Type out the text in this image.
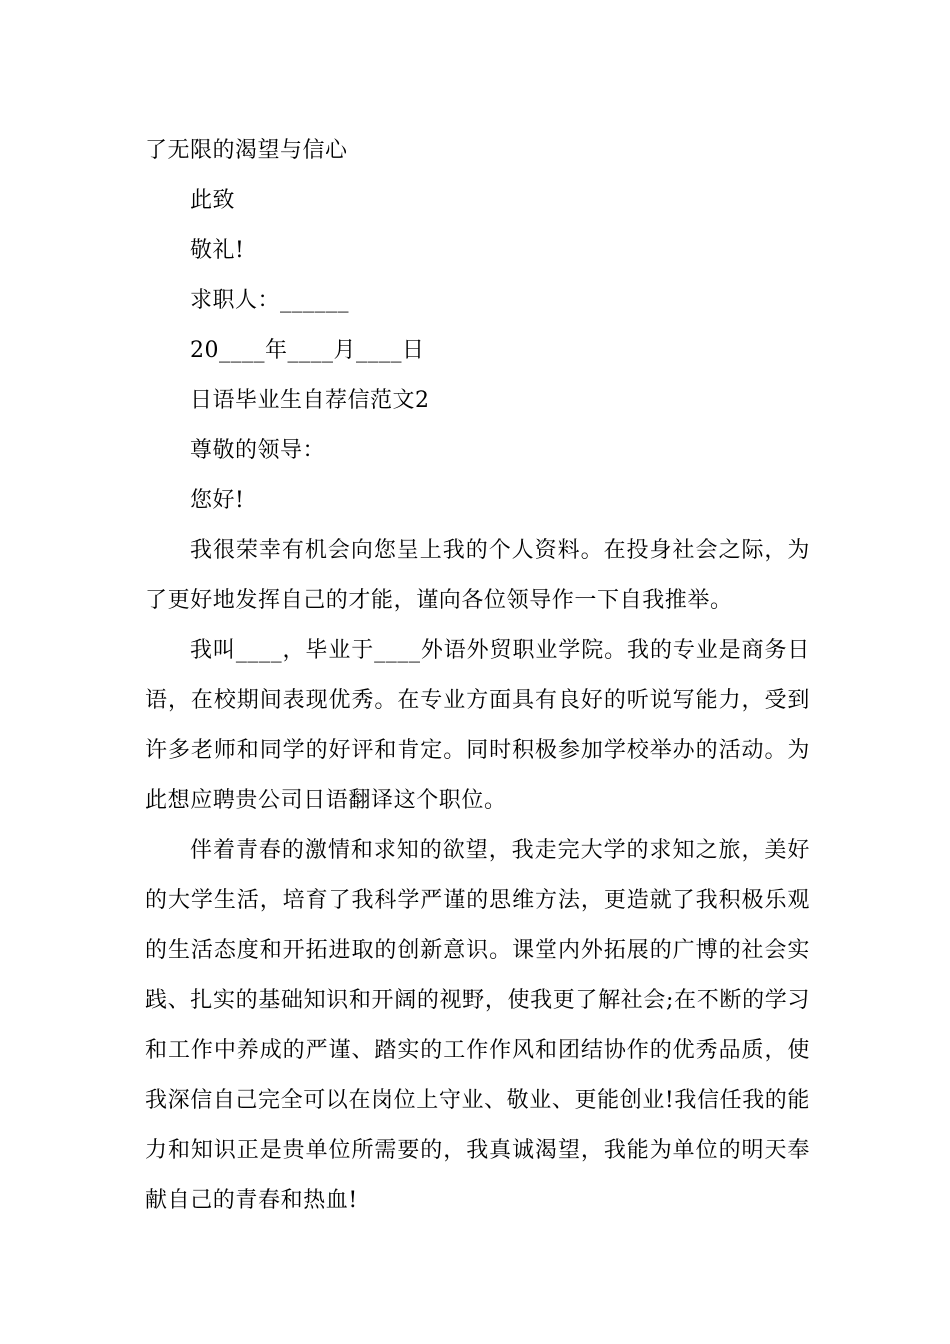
了无限的渴望与信心

此致

敬礼!

求职人：______

20____年____月____日

日语毕业生自荐信范文2

尊敬的领导：

您好!

我很荣幸有机会向您呈上我的个人资料。在投身社会之际，为了更好地发挥自己的才能，谨向各位领导作一下自我推举。

我叫____，毕业于____外语外贸职业学院。我的专业是商务日语，在校期间表现优秀。在专业方面具有良好的听说写能力，受到许多老师和同学的好评和肯定。同时积极参加学校举办的活动。为此想应聘贵公司日语翻译这个职位。

伴着青春的激情和求知的欲望，我走完大学的求知之旅，美好的大学生活，培育了我科学严谨的思维方法，更造就了我积极乐观的生活态度和开拓进取的创新意识。课堂内外拓展的广博的社会实践、扎实的基础知识和开阔的视野，使我更了解社会;在不断的学习和工作中养成的严谨、踏实的工作作风和团结协作的优秀品质，使我深信自己完全可以在岗位上守业、敬业、更能创业!我信任我的能力和知识正是贵单位所需要的，我真诚渴望，我能为单位的明天奉献自己的青春和热血!
